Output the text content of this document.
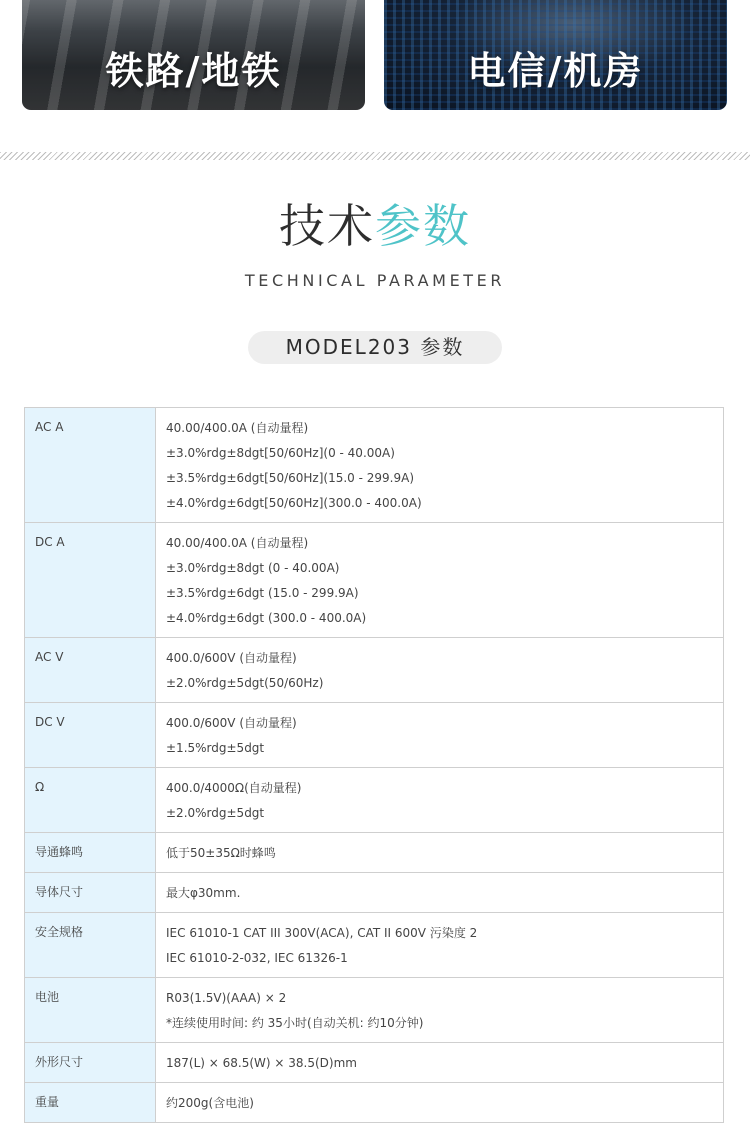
铁路/地铁	电信/机房
技术参数
TECHNICAL PARAMETER
MODEL203 参数
AC A	40.00/400.0A (自动量程)
±3.0%rdg±8dgt[50/60Hz](0 - 40.00A)
±3.5%rdg±6dgt[50/60Hz](15.0 - 299.9A)
±4.0%rdg±6dgt[50/60Hz](300.0 - 400.0A)

DC A	40.00/400.0A (自动量程)
±3.0%rdg±8dgt (0 - 40.00A)
±3.5%rdg±6dgt (15.0 - 299.9A)
±4.0%rdg±6dgt (300.0 - 400.0A)

AC V	400.0/600V (自动量程)
±2.0%rdg±5dgt(50/60Hz)

DC V	400.0/600V (自动量程)
±1.5%rdg±5dgt

Ω	400.0/4000Ω(自动量程)
±2.0%rdg±5dgt

导通蜂鸣	低于50±35Ω时蜂鸣

导体尺寸	最大φ30mm.

安全规格	IEC 61010-1 CAT III 300V(ACA), CAT II 600V 污染度 2
IEC 61010-2-032, IEC 61326-1

电池	R03(1.5V)(AAA) × 2
*连续使用时间: 约 35小时(自动关机: 约10分钟)

外形尺寸	187(L) × 68.5(W) × 38.5(D)mm

重量	约200g(含电池)
